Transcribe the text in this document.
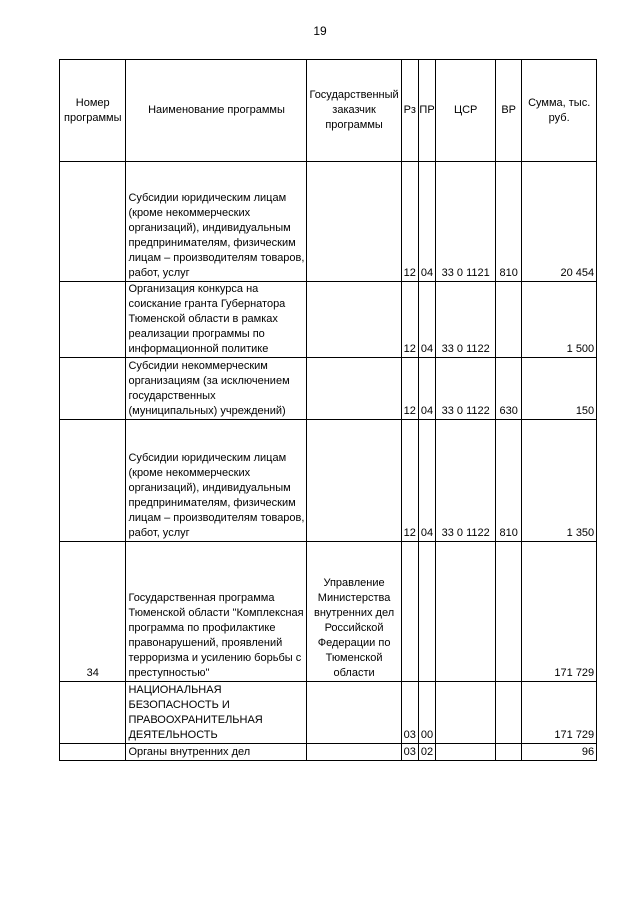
19
Номер программы	Наименование программы	Государственный заказчик программы	Рз	ПР	ЦСР	ВР	Сумма, тыс. руб.
	Субсидии юридическим лицам (кроме некоммерческих организаций), индивидуальным предпринимателям, физическим лицам – производителям товаров, работ, услуг		12	04	33 0 1121	810	20 454
	Организация конкурса на соискание гранта Губернатора Тюменской области в рамках реализации программы по информационной политике		12	04	33 0 1122		1 500
	Субсидии некоммерческим организациям (за исключением государственных (муниципальных) учреждений)		12	04	33 0 1122	630	150
	Субсидии юридическим лицам (кроме некоммерческих организаций), индивидуальным предпринимателям, физическим лицам – производителям товаров, работ, услуг		12	04	33 0 1122	810	1 350
34	Государственная программа Тюменской области "Комплексная программа по профилактике правонарушений, проявлений терроризма и усилению борьбы с преступностью"	Управление Министерства внутренних дел Российской Федерации по Тюменской области					171 729
	НАЦИОНАЛЬНАЯ БЕЗОПАСНОСТЬ И ПРАВООХРАНИТЕЛЬНАЯ ДЕЯТЕЛЬНОСТЬ		03	00			171 729
	Органы внутренних дел		03	02			96
